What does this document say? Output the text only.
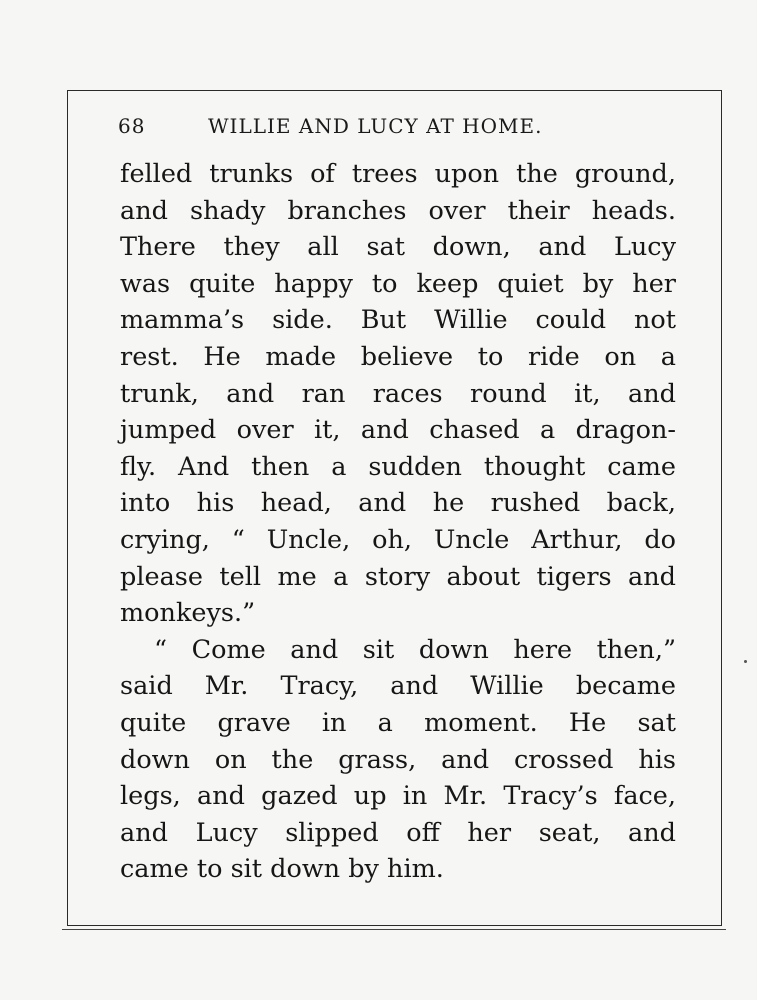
68	WILLIE AND LUCY AT HOME.
felled trunks of trees upon the ground,
and shady branches over their heads.
There they all sat down, and Lucy
was quite happy to keep quiet by her
mamma’s side. But Willie could not
rest. He made believe to ride on a
trunk, and ran races round it, and
jumped over it, and chased a dragon-
fly. And then a sudden thought came
into his head, and he rushed back,
crying, “ Uncle, oh, Uncle Arthur, do
please tell me a story about tigers and
monkeys.”
“ Come and sit down here then,”
said Mr. Tracy, and Willie became
quite grave in a moment. He sat
down on the grass, and crossed his
legs, and gazed up in Mr. Tracy’s face,
and Lucy slipped off her seat, and
came to sit down by him.
